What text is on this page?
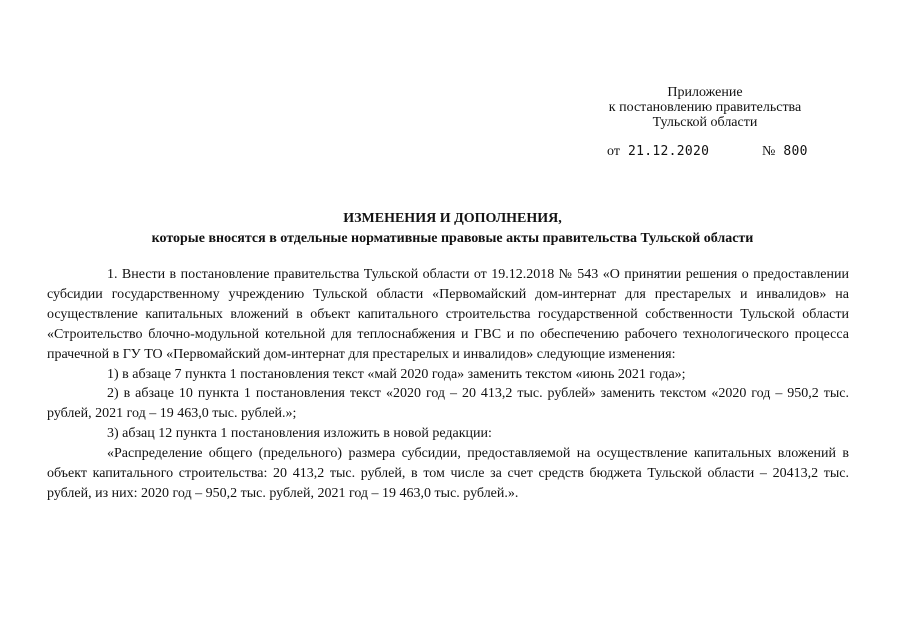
Приложение
к постановлению правительства
Тульской области
от 21.12.2020	№ 800
ИЗМЕНЕНИЯ И ДОПОЛНЕНИЯ,
которые вносятся в отдельные нормативные правовые акты правительства Тульской области

1. Внести в постановление правительства Тульской области от 19.12.2018 № 543 «О принятии решения о предоставлении субсидии государственному учреждению Тульской области «Первомайский дом-интернат для престарелых и инвалидов» на осуществление капитальных вложений в объект капитального строительства государственной собственности Тульской области «Строительство блочно-модульной котельной для теплоснабжения и ГВС и по обеспечению рабочего технологического процесса прачечной в ГУ ТО «Первомайский дом-интернат для престарелых и инвалидов» следующие изменения:

1) в абзаце 7 пункта 1 постановления текст «май 2020 года» заменить текстом «июнь 2021 года»;

2) в абзаце 10 пункта 1 постановления текст «2020 год – 20 413,2 тыс. рублей» заменить текстом «2020 год – 950,2 тыс. рублей, 2021 год – 19 463,0 тыс. рублей.»;

3) абзац 12 пункта 1 постановления изложить в новой редакции:

«Распределение общего (предельного) размера субсидии, предоставляемой на осуществление капитальных вложений в объект капитального строительства: 20 413,2 тыс. рублей, в том числе за счет средств бюджета Тульской области – 20413,2 тыс. рублей, из них: 2020 год – 950,2 тыс. рублей, 2021 год – 19 463,0 тыс. рублей.».
